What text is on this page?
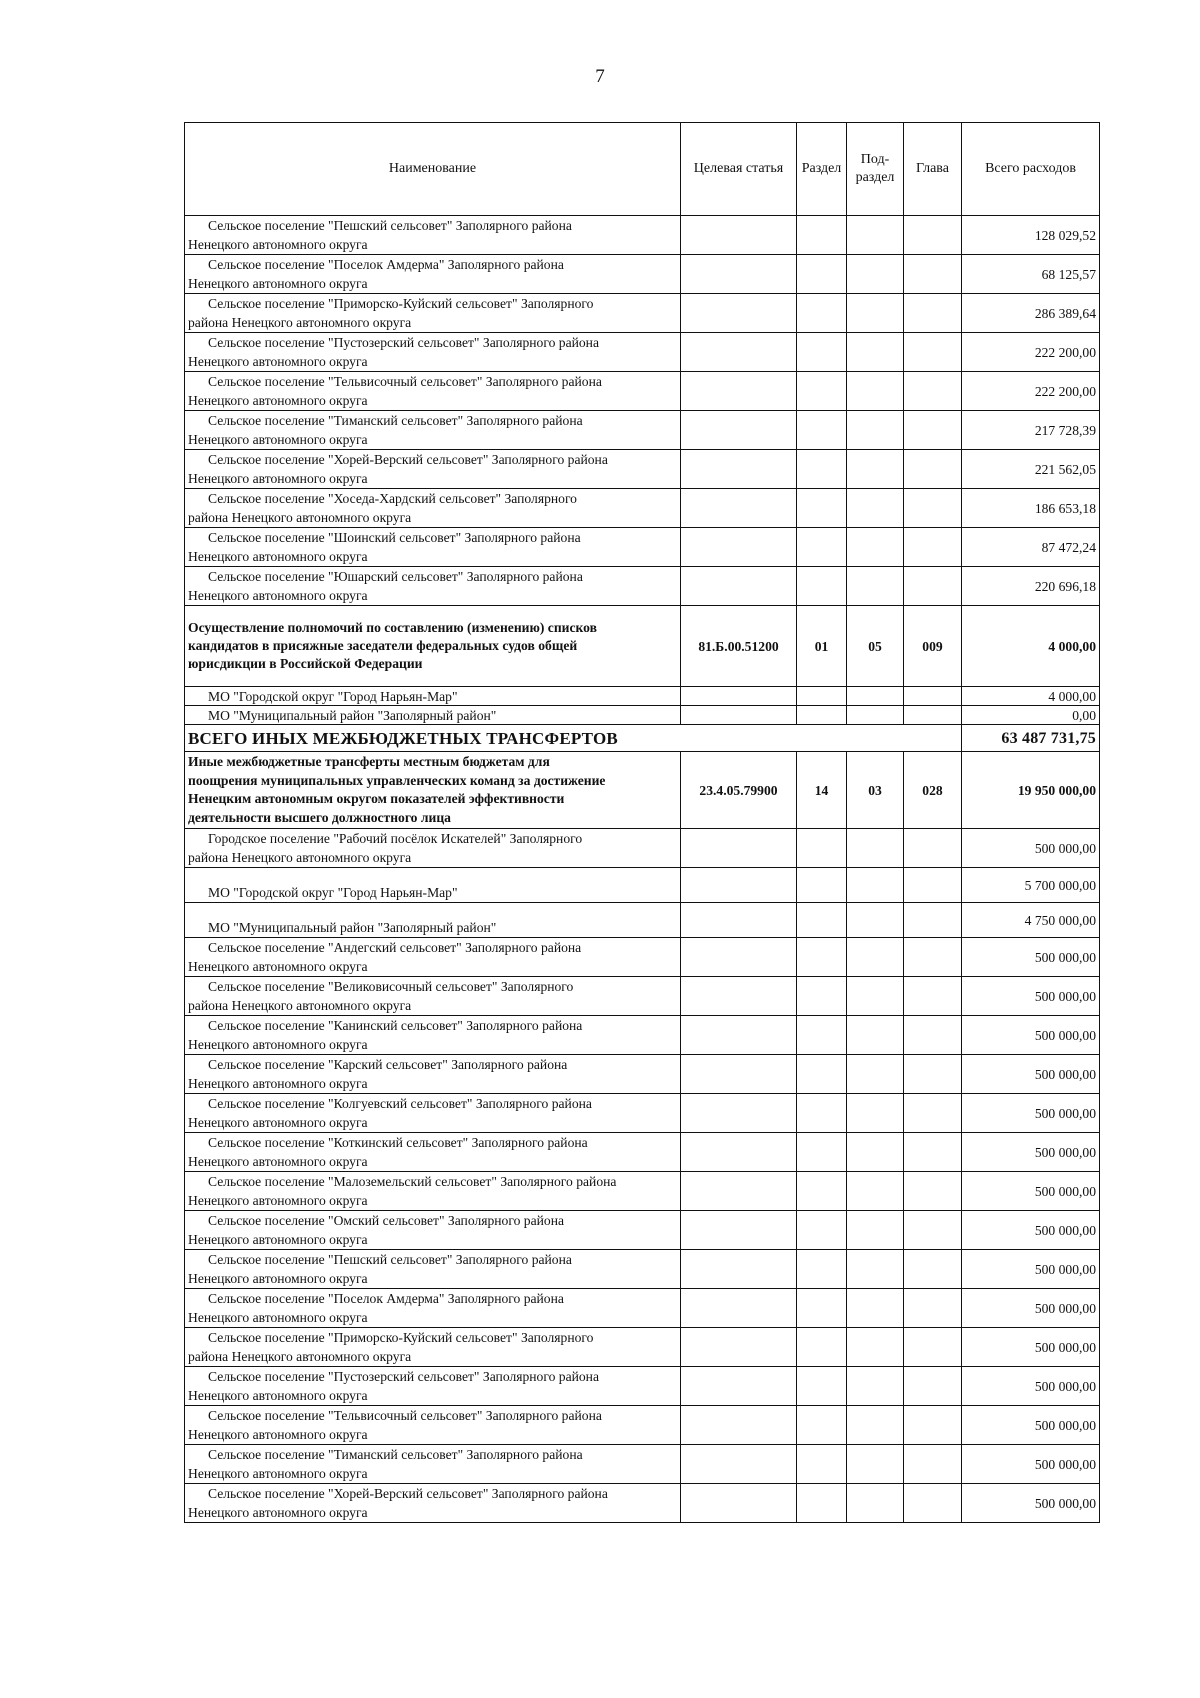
7
Наименование	Целевая статья	Раздел	Под-
раздел	Глава	Всего расходов

Сельское поселение "Пешский сельсовет" Заполярного района
Ненецкого автономного округа					128 029,52

Сельское поселение "Поселок Амдерма" Заполярного района
Ненецкого автономного округа					68 125,57

Сельское поселение "Приморско-Куйский сельсовет" Заполярного
района Ненецкого автономного округа					286 389,64

Сельское поселение "Пустозерский сельсовет" Заполярного района
Ненецкого автономного округа					222 200,00

Сельское поселение "Тельвисочный сельсовет" Заполярного района
Ненецкого автономного округа					222 200,00

Сельское поселение "Тиманский сельсовет" Заполярного района
Ненецкого автономного округа					217 728,39

Сельское поселение "Хорей-Верский сельсовет" Заполярного района
Ненецкого автономного округа					221 562,05

Сельское поселение "Хоседа-Хардский сельсовет" Заполярного
района Ненецкого автономного округа					186 653,18

Сельское поселение "Шоинский сельсовет" Заполярного района
Ненецкого автономного округа					87 472,24

Сельское поселение "Юшарский сельсовет" Заполярного района
Ненецкого автономного округа					220 696,18

Осуществление полномочий по составлению (изменению) списков
кандидатов в присяжные заседатели федеральных судов общей
юрисдикции в Российской Федерации	81.Б.00.51200	01	05	009	4 000,00

МО "Городской округ "Город Нарьян-Мар"					4 000,00

МО "Муниципальный район "Заполярный район"					0,00
ВСЕГО ИНЫХ МЕЖБЮДЖЕТНЫХ ТРАНСФЕРТОВ					63 487 731,75

Иные межбюджетные трансферты местным бюджетам для
поощрения муниципальных управленческих команд за достижение
Ненецким автономным округом показателей эффективности
деятельности высшего должностного лица	23.4.05.79900	14	03	028	19 950 000,00

Городское поселение "Рабочий посёлок Искателей" Заполярного
района Ненецкого автономного округа					500 000,00

МО "Городской округ "Город Нарьян-Мар"					5 700 000,00

МО "Муниципальный район "Заполярный район"					4 750 000,00

Сельское поселение "Андегский сельсовет" Заполярного района
Ненецкого автономного округа					500 000,00

Сельское поселение "Великовисочный сельсовет" Заполярного
района Ненецкого автономного округа					500 000,00

Сельское поселение "Канинский сельсовет" Заполярного района
Ненецкого автономного округа					500 000,00

Сельское поселение "Карский сельсовет" Заполярного района
Ненецкого автономного округа					500 000,00

Сельское поселение "Колгуевский сельсовет" Заполярного района
Ненецкого автономного округа					500 000,00

Сельское поселение "Коткинский сельсовет" Заполярного района
Ненецкого автономного округа					500 000,00

Сельское поселение "Малоземельский сельсовет" Заполярного района
Ненецкого автономного округа					500 000,00

Сельское поселение "Омский сельсовет" Заполярного района
Ненецкого автономного округа					500 000,00

Сельское поселение "Пешский сельсовет" Заполярного района
Ненецкого автономного округа					500 000,00

Сельское поселение "Поселок Амдерма" Заполярного района
Ненецкого автономного округа					500 000,00

Сельское поселение "Приморско-Куйский сельсовет" Заполярного
района Ненецкого автономного округа					500 000,00

Сельское поселение "Пустозерский сельсовет" Заполярного района
Ненецкого автономного округа					500 000,00

Сельское поселение "Тельвисочный сельсовет" Заполярного района
Ненецкого автономного округа					500 000,00

Сельское поселение "Тиманский сельсовет" Заполярного района
Ненецкого автономного округа					500 000,00

Сельское поселение "Хорей-Верский сельсовет" Заполярного района
Ненецкого автономного округа					500 000,00
